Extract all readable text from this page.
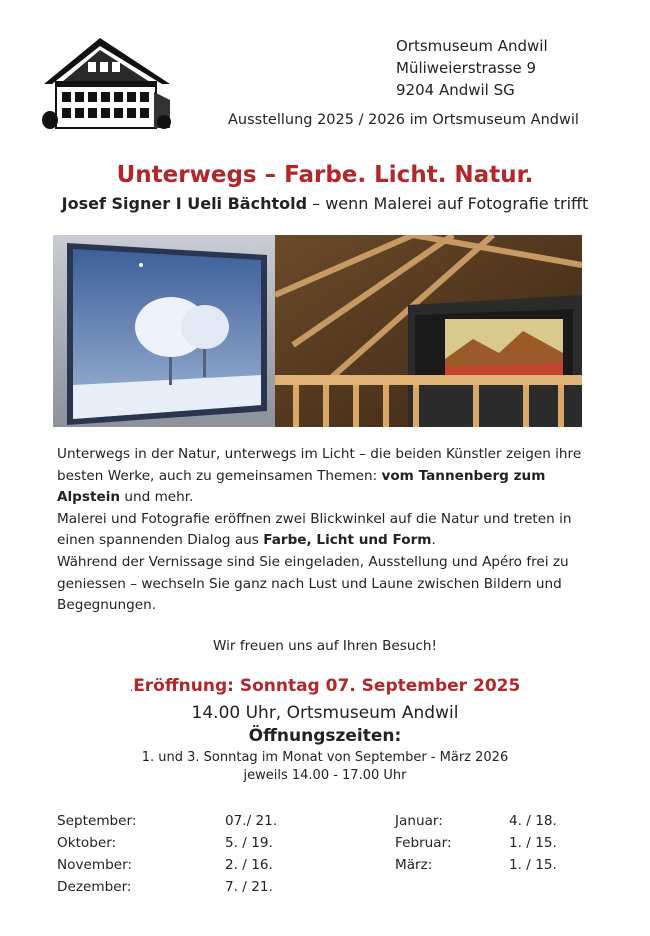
Ortsmuseum Andwil
Müliweierstrasse 9
9204 Andwil SG
Ausstellung 2025 / 2026 im Ortsmuseum Andwil
Unterwegs – Farbe. Licht. Natur.
Josef Signer I Ueli Bächtold – wenn Malerei auf Fotografie trifft
Unterwegs in der Natur, unterwegs im Licht – die beiden Künstler zeigen ihre besten Werke, auch zu gemeinsamen Themen: vom Tannenberg zum Alpstein und mehr.
Malerei und Fotografie eröffnen zwei Blickwinkel auf die Natur und treten in einen spannenden Dialog aus Farbe, Licht und Form.
Während der Vernissage sind Sie eingeladen, Ausstellung und Apéro frei zu geniessen – wechseln Sie ganz nach Lust und Laune zwischen Bildern und Begegnungen.
Wir freuen uns auf Ihren Besuch!
.Eröffnung: Sonntag 07. September 2025
14.00 Uhr, Ortsmuseum Andwil
Öffnungszeiten:
1. und 3. Sonntag im Monat von September - März 2026
jeweils 14.00 - 17.00 Uhr
September:
Oktober:
November:
Dezember:
07./ 21.
5. / 19.
2. / 16.
7. / 21.
Januar:
Februar:
März:
4. / 18.
1. / 15.
1. / 15.
